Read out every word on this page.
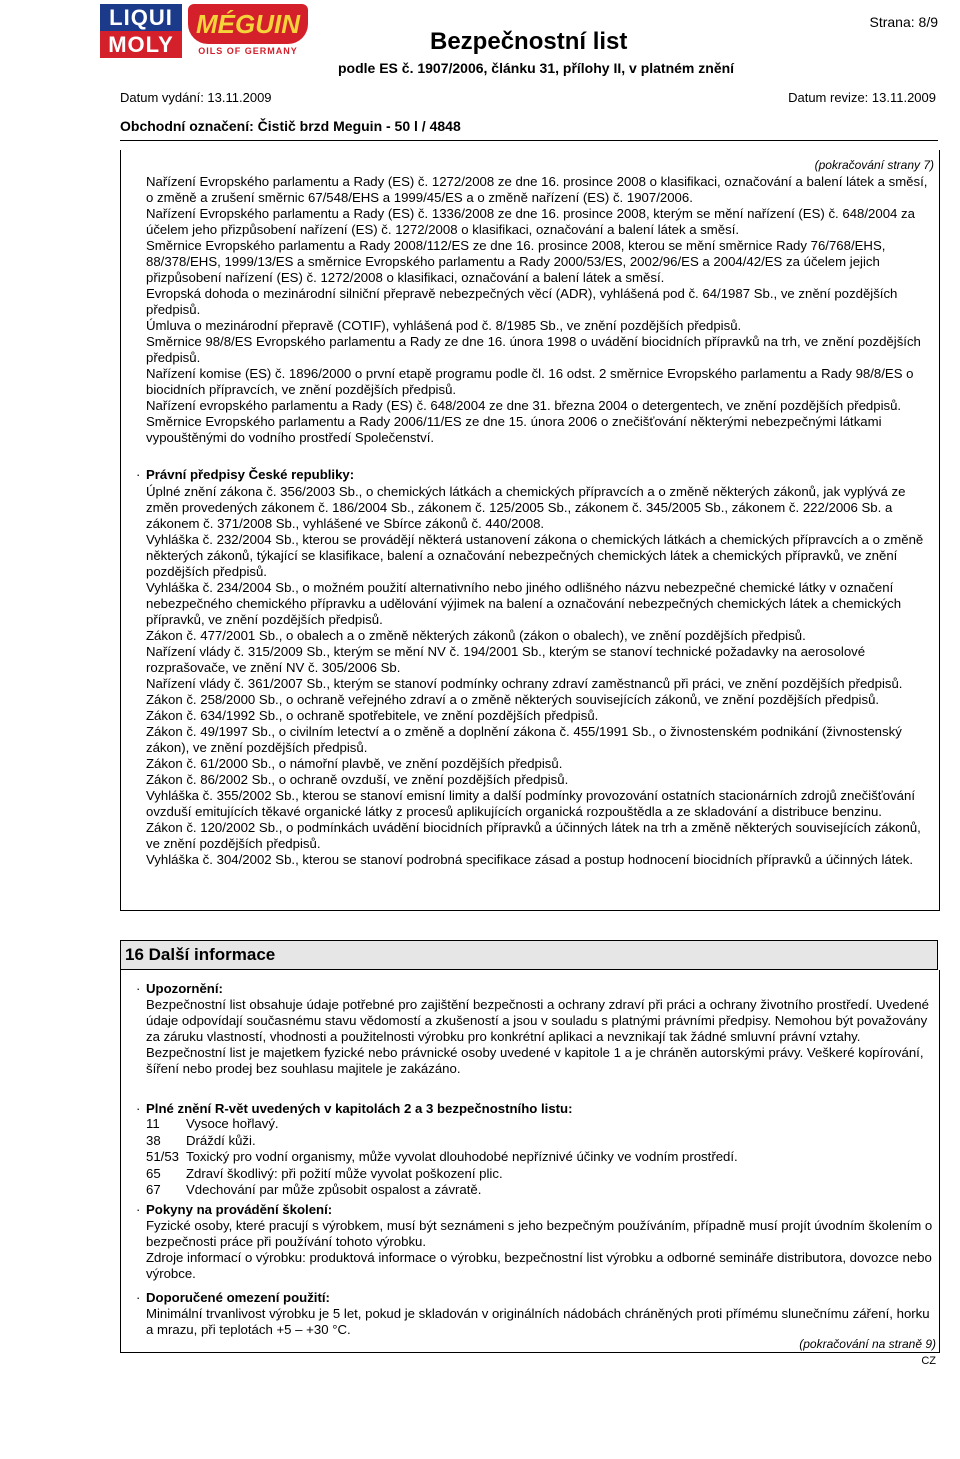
LIQUI
MOLY
MÉGUIN
OILS OF GERMANY
Strana: 8/9
Bezpečnostní list
podle ES č. 1907/2006, článku 31, přílohy II, v platném znění
Datum vydání: 13.11.2009	Datum revize: 13.11.2009
Obchodní označení: Čistič brzd Meguin - 50 l / 4848
(pokračování strany 7)

Nařízení Evropského parlamentu a Rady (ES) č. 1272/2008 ze dne 16. prosince 2008 o klasifikaci, označování a balení látek a směsí, o změně a zrušení směrnic 67/548/EHS a 1999/45/ES a o změně nařízení (ES) č. 1907/2006.

Nařízení Evropského parlamentu a Rady (ES) č. 1336/2008 ze dne 16. prosince 2008, kterým se mění nařízení (ES) č. 648/2004 za účelem jeho přizpůsobení nařízení (ES) č. 1272/2008 o klasifikaci, označování a balení látek a směsí.

Směrnice Evropského parlamentu a Rady 2008/112/ES ze dne 16. prosince 2008, kterou se mění směrnice Rady 76/768/EHS, 88/378/EHS, 1999/13/ES a směrnice Evropského parlamentu a Rady 2000/53/ES, 2002/96/ES a 2004/42/ES za účelem jejich přizpůsobení nařízení (ES) č. 1272/2008 o klasifikaci, označování a balení látek a směsí.

Evropská dohoda o mezinárodní silniční přepravě nebezpečných věcí (ADR), vyhlášená pod č. 64/1987 Sb., ve znění pozdějších předpisů.

Úmluva o mezinárodní přepravě (COTIF), vyhlášená pod č. 8/1985 Sb., ve znění pozdějších předpisů.

Směrnice 98/8/ES Evropského parlamentu a Rady ze dne 16. února 1998 o uvádění biocidních přípravků na trh, ve znění pozdějších předpisů.

Nařízení komise (ES) č. 1896/2000 o první etapě programu podle čl. 16 odst. 2 směrnice Evropského parlamentu a Rady 98/8/ES o biocidních přípravcích, ve znění pozdějších předpisů.

Nařízení evropského parlamentu a Rady (ES) č. 648/2004 ze dne 31. března 2004 o detergentech, ve znění pozdějších předpisů.

Směrnice Evropského parlamentu a Rady 2006/11/ES ze dne 15. února 2006 o znečišťování některými nebezpečnými látkami vypouštěnými do vodního prostředí Společenství.

· Právní předpisy České republiky:

Úplné znění zákona č. 356/2003 Sb., o chemických látkách a chemických přípravcích a o změně některých zákonů, jak vyplývá ze změn provedených zákonem č. 186/2004 Sb., zákonem č. 125/2005 Sb., zákonem č. 345/2005 Sb., zákonem č. 222/2006 Sb. a zákonem č. 371/2008 Sb., vyhlášené ve Sbírce zákonů č. 440/2008.

Vyhláška č. 232/2004 Sb., kterou se provádějí některá ustanovení zákona o chemických látkách a chemických přípravcích a o změně některých zákonů, týkající se klasifikace, balení a označování nebezpečných chemických látek a chemických přípravků, ve znění pozdějších předpisů.

Vyhláška č. 234/2004 Sb., o možném použití alternativního nebo jiného odlišného názvu nebezpečné chemické látky v označení nebezpečného chemického přípravku a udělování výjimek na balení a označování nebezpečných chemických látek a chemických přípravků, ve znění pozdějších předpisů.

Zákon č. 477/2001 Sb., o obalech a o změně některých zákonů (zákon o obalech), ve znění pozdějších předpisů.

Nařízení vlády č. 315/2009 Sb., kterým se mění NV č. 194/2001 Sb., kterým se stanoví technické požadavky na aerosolové rozprašovače, ve znění NV č. 305/2006 Sb.

Nařízení vlády č. 361/2007 Sb., kterým se stanoví podmínky ochrany zdraví zaměstnanců při práci, ve znění pozdějších předpisů.

Zákon č. 258/2000 Sb., o ochraně veřejného zdraví a o změně některých souvisejících zákonů, ve znění pozdějších předpisů.

Zákon č. 634/1992 Sb., o ochraně spotřebitele, ve znění pozdějších předpisů.

Zákon č. 49/1997 Sb., o civilním letectví a o změně a doplnění zákona č. 455/1991 Sb., o živnostenském podnikání (živnostenský zákon), ve znění pozdějších předpisů.

Zákon č. 61/2000 Sb., o námořní plavbě, ve znění pozdějších předpisů.

Zákon č. 86/2002 Sb., o ochraně ovzduší, ve znění pozdějších předpisů.

Vyhláška č. 355/2002 Sb., kterou se stanoví emisní limity a další podmínky provozování ostatních stacionárních zdrojů znečišťování ovzduší emitujících těkavé organické látky z procesů aplikujících organická rozpouštědla a ze skladování a distribuce benzinu.

Zákon č. 120/2002 Sb., o podmínkách uvádění biocidních přípravků a účinných látek na trh a změně některých souvisejících zákonů, ve znění pozdějších předpisů.

Vyhláška č. 304/2002 Sb., kterou se stanoví podrobná specifikace zásad a postup hodnocení biocidních přípravků a účinných látek.

16 Další informace
· Upozornění:

Bezpečnostní list obsahuje údaje potřebné pro zajištění bezpečnosti a ochrany zdraví při práci a ochrany životního prostředí. Uvedené údaje odpovídají současnému stavu vědomostí a zkušeností a jsou v souladu s platnými právními předpisy. Nemohou být považovány za záruku vlastností, vhodnosti a použitelnosti výrobku pro konkrétní aplikaci a nevznikají tak žádné smluvní právní vztahy.

Bezpečnostní list je majetkem fyzické nebo právnické osoby uvedené v kapitole 1 a je chráněn autorskými právy. Veškeré kopírování, šíření nebo prodej bez souhlasu majitele je zakázáno.

· Plné znění R-vět uvedených v kapitolách 2 a 3 bezpečnostního listu:
11	Vysoce hořlavý.
38	Dráždí kůži.
51/53 Toxický pro vodní organismy, může vyvolat dlouhodobé nepříznivé účinky ve vodním prostředí.
65	Zdraví škodlivý: při požití může vyvolat poškození plic.
67	Vdechování par může způsobit ospalost a závratě.
· Pokyny na provádění školení:

Fyzické osoby, které pracují s výrobkem, musí být seznámeni s jeho bezpečným používáním, případně musí projít úvodním školením o bezpečnosti práce při používání tohoto výrobku.

Zdroje informací o výrobku: produktová informace o výrobku, bezpečnostní list výrobku a odborné semináře distributora, dovozce nebo výrobce.

· Doporučené omezení použití:

Minimální trvanlivost výrobku je 5 let, pokud je skladován v originálních nádobách chráněných proti přímému slunečnímu záření, horku a mrazu, při teplotách +5 – +30 °C.

(pokračování na straně 9)
CZ
